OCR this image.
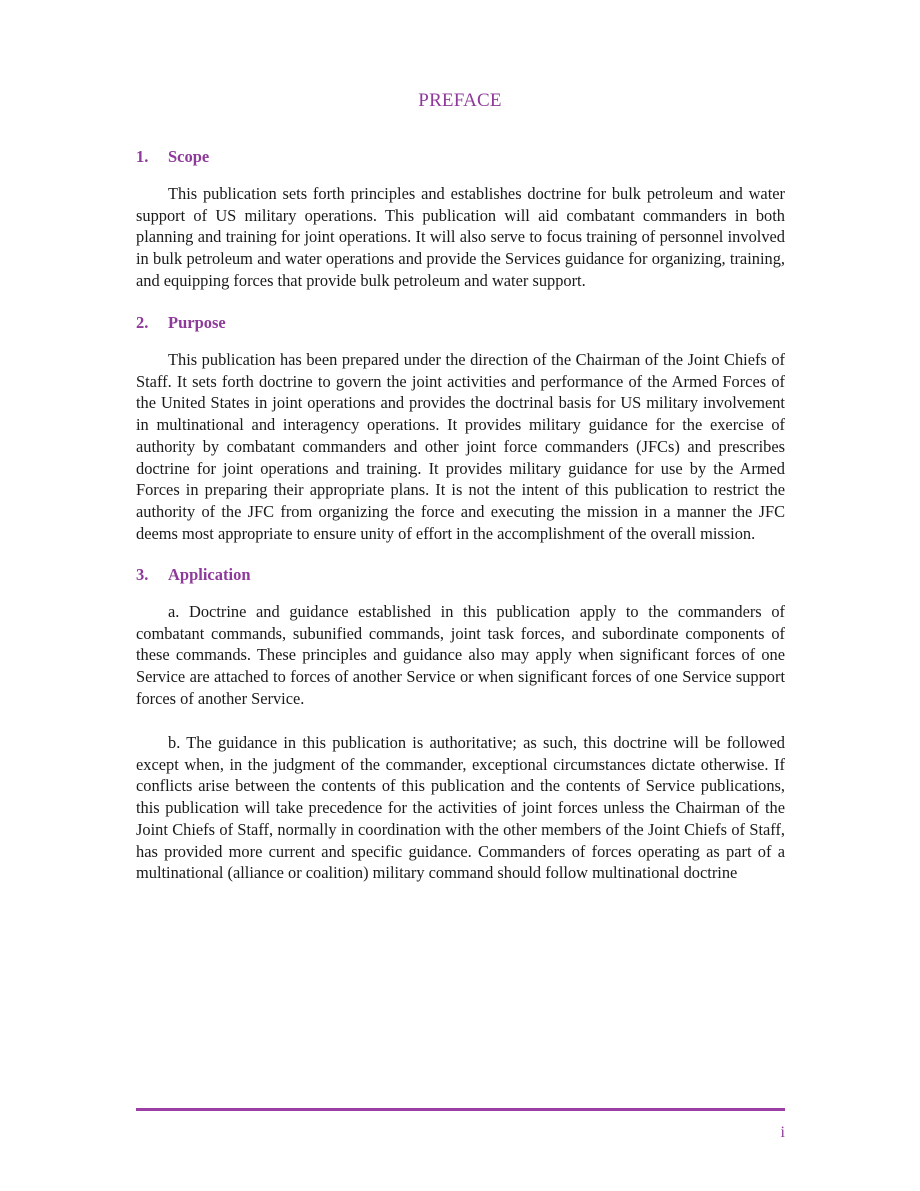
PREFACE
1. Scope
This publication sets forth principles and establishes doctrine for bulk petroleum and water support of US military operations. This publication will aid combatant commanders in both planning and training for joint operations. It will also serve to focus training of personnel involved in bulk petroleum and water operations and provide the Services guidance for organizing, training, and equipping forces that provide bulk petroleum and water support.
2. Purpose
This publication has been prepared under the direction of the Chairman of the Joint Chiefs of Staff. It sets forth doctrine to govern the joint activities and performance of the Armed Forces of the United States in joint operations and provides the doctrinal basis for US military involvement in multinational and interagency operations. It provides military guidance for the exercise of authority by combatant commanders and other joint force commanders (JFCs) and prescribes doctrine for joint operations and training. It provides military guidance for use by the Armed Forces in preparing their appropriate plans. It is not the intent of this publication to restrict the authority of the JFC from organizing the force and executing the mission in a manner the JFC deems most appropriate to ensure unity of effort in the accomplishment of the overall mission.
3. Application
a. Doctrine and guidance established in this publication apply to the commanders of combatant commands, subunified commands, joint task forces, and subordinate components of these commands. These principles and guidance also may apply when significant forces of one Service are attached to forces of another Service or when significant forces of one Service support forces of another Service.
b. The guidance in this publication is authoritative; as such, this doctrine will be followed except when, in the judgment of the commander, exceptional circumstances dictate otherwise. If conflicts arise between the contents of this publication and the contents of Service publications, this publication will take precedence for the activities of joint forces unless the Chairman of the Joint Chiefs of Staff, normally in coordination with the other members of the Joint Chiefs of Staff, has provided more current and specific guidance. Commanders of forces operating as part of a multinational (alliance or coalition) military command should follow multinational doctrine
i
